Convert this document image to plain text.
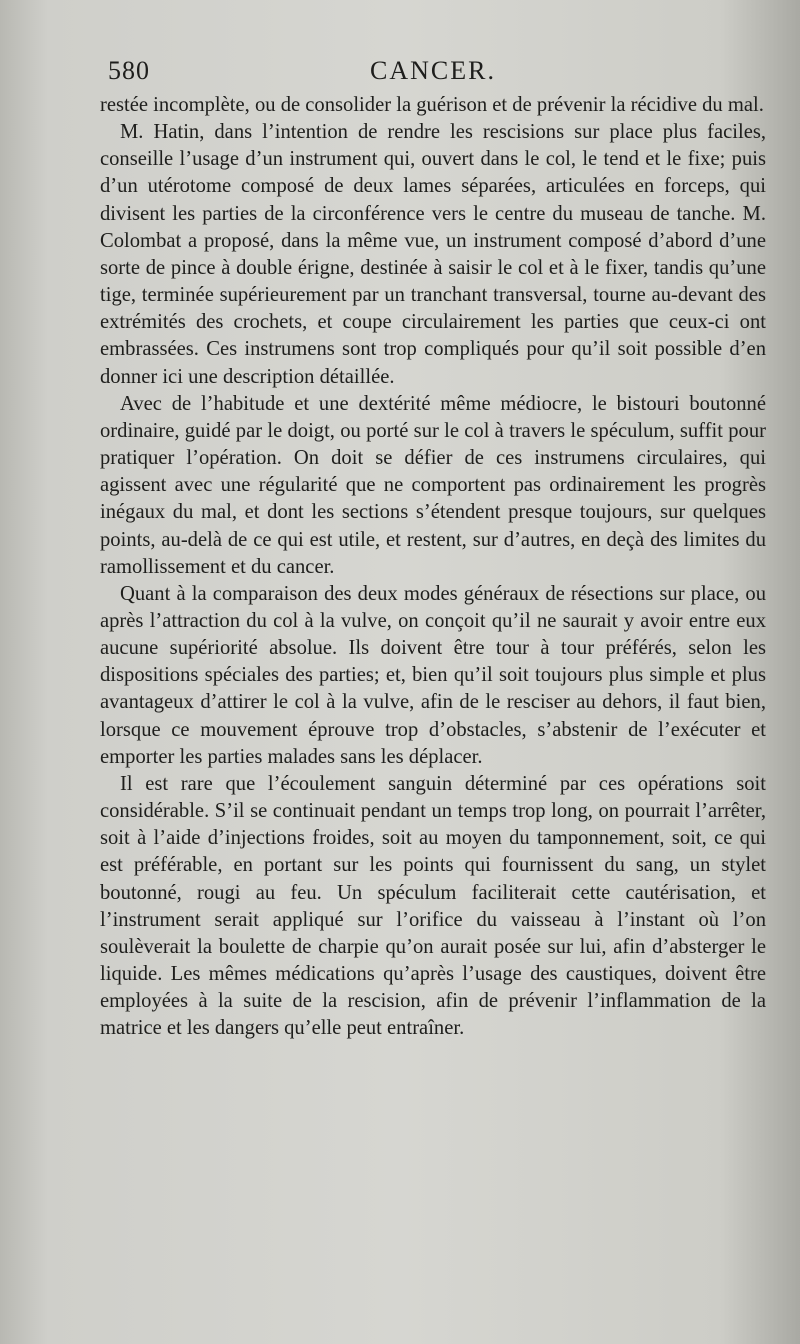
580	CANCER.

restée incomplète, ou de consolider la guérison et de prévenir la récidive du mal.

M. Hatin, dans l’intention de rendre les rescisions sur place plus faciles, conseille l’usage d’un instrument qui, ouvert dans le col, le tend et le fixe; puis d’un utérotome composé de deux lames séparées, articulées en forceps, qui divisent les parties de la circonférence vers le centre du museau de tanche. M. Colombat a proposé, dans la même vue, un instrument composé d’abord d’une sorte de pince à double érigne, destinée à saisir le col et à le fixer, tandis qu’une tige, terminée supérieurement par un tranchant transversal, tourne au-devant des extrémités des crochets, et coupe circulairement les parties que ceux-ci ont embrassées. Ces instrumens sont trop compliqués pour qu’il soit possible d’en donner ici une description détaillée.

Avec de l’habitude et une dextérité même médiocre, le bistouri boutonné ordinaire, guidé par le doigt, ou porté sur le col à travers le spéculum, suffit pour pratiquer l’opération. On doit se défier de ces instrumens circulaires, qui agissent avec une régularité que ne comportent pas ordinairement les progrès inégaux du mal, et dont les sections s’étendent presque toujours, sur quelques points, au-delà de ce qui est utile, et restent, sur d’autres, en deçà des limites du ramollissement et du cancer.

Quant à la comparaison des deux modes généraux de résections sur place, ou après l’attraction du col à la vulve, on conçoit qu’il ne saurait y avoir entre eux aucune supériorité absolue. Ils doivent être tour à tour préférés, selon les dispositions spéciales des parties; et, bien qu’il soit toujours plus simple et plus avantageux d’attirer le col à la vulve, afin de le resciser au dehors, il faut bien, lorsque ce mouvement éprouve trop d’obstacles, s’abstenir de l’exécuter et emporter les parties malades sans les déplacer.

Il est rare que l’écoulement sanguin déterminé par ces opérations soit considérable. S’il se continuait pendant un temps trop long, on pourrait l’arrêter, soit à l’aide d’injections froides, soit au moyen du tamponnement, soit, ce qui est préférable, en portant sur les points qui fournissent du sang, un stylet boutonné, rougi au feu. Un spéculum faciliterait cette cautérisation, et l’instrument serait appliqué sur l’orifice du vaisseau à l’instant où l’on soulèverait la boulette de charpie qu’on aurait posée sur lui, afin d’absterger le liquide. Les mêmes médications qu’après l’usage des caustiques, doivent être employées à la suite de la rescision, afin de prévenir l’inflammation de la matrice et les dangers qu’elle peut entraîner.
